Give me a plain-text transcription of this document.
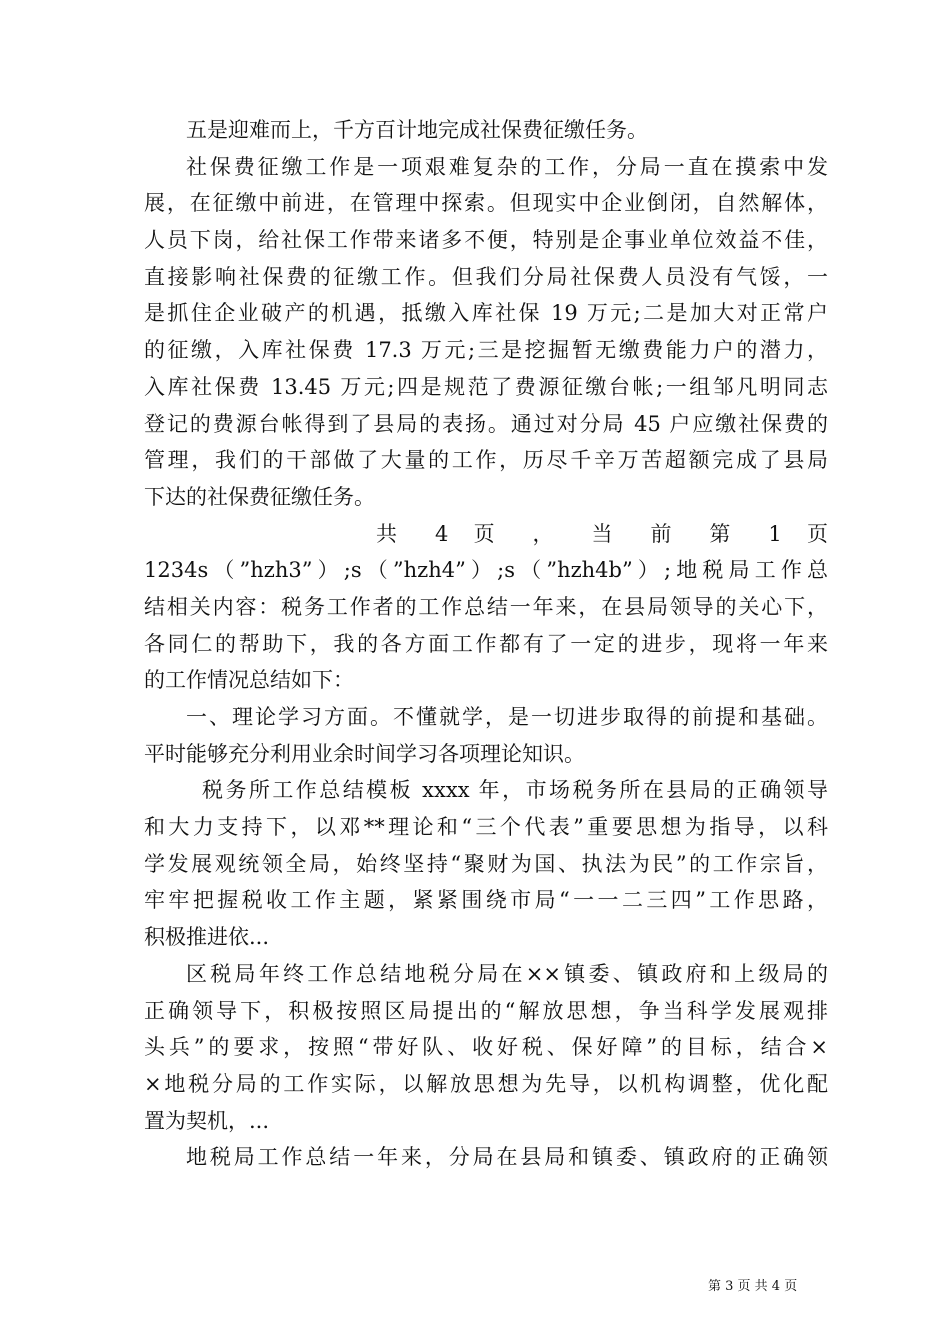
五是迎难而上，千方百计地完成社保费征缴任务。
社保费征缴工作是一项艰难复杂的工作，分局一直在摸索中发
展，在征缴中前进，在管理中探索。但现实中企业倒闭，自然解体，
人员下岗，给社保工作带来诸多不便，特别是企事业单位效益不佳，
直接影响社保费的征缴工作。但我们分局社保费人员没有气馁，一
是抓住企业破产的机遇，抵缴入库社保 19 万元;二是加大对正常户
的征缴，入库社保费 17.3 万元;三是挖掘暂无缴费能力户的潜力，
入库社保费 13.45 万元;四是规范了费源征缴台帐;一组邹凡明同志
登记的费源台帐得到了县局的表扬。通过对分局 45 户应缴社保费的
管理，我们的干部做了大量的工作，历尽千辛万苦超额完成了县局
下达的社保费征缴任务。
共 4 页 ， 当 前 第 1 页
1234s（”hzh3”）;s（”hzh4”）;s（”hzh4b”）;地税局工作总
结相关内容：税务工作者的工作总结一年来，在县局领导的关心下，
各同仁的帮助下，我的各方面工作都有了一定的进步，现将一年来
的工作情况总结如下：
一、理论学习方面。不懂就学，是一切进步取得的前提和基础。
平时能够充分利用业余时间学习各项理论知识。
税务所工作总结模板 xxxx 年，市场税务所在县局的正确领导
和大力支持下，以邓**理论和“三个代表”重要思想为指导，以科
学发展观统领全局，始终坚持“聚财为国、执法为民”的工作宗旨，
牢牢把握税收工作主题，紧紧围绕市局“一一二三四”工作思路，
积极推进依...
区税局年终工作总结地税分局在××镇委、镇政府和上级局的
正确领导下，积极按照区局提出的“解放思想，争当科学发展观排
头兵”的要求，按照“带好队、收好税、保好障”的目标，结合×
×地税分局的工作实际，以解放思想为先导，以机构调整，优化配
置为契机，...
地税局工作总结一年来，分局在县局和镇委、镇政府的正确领
第 3 页 共 4 页
